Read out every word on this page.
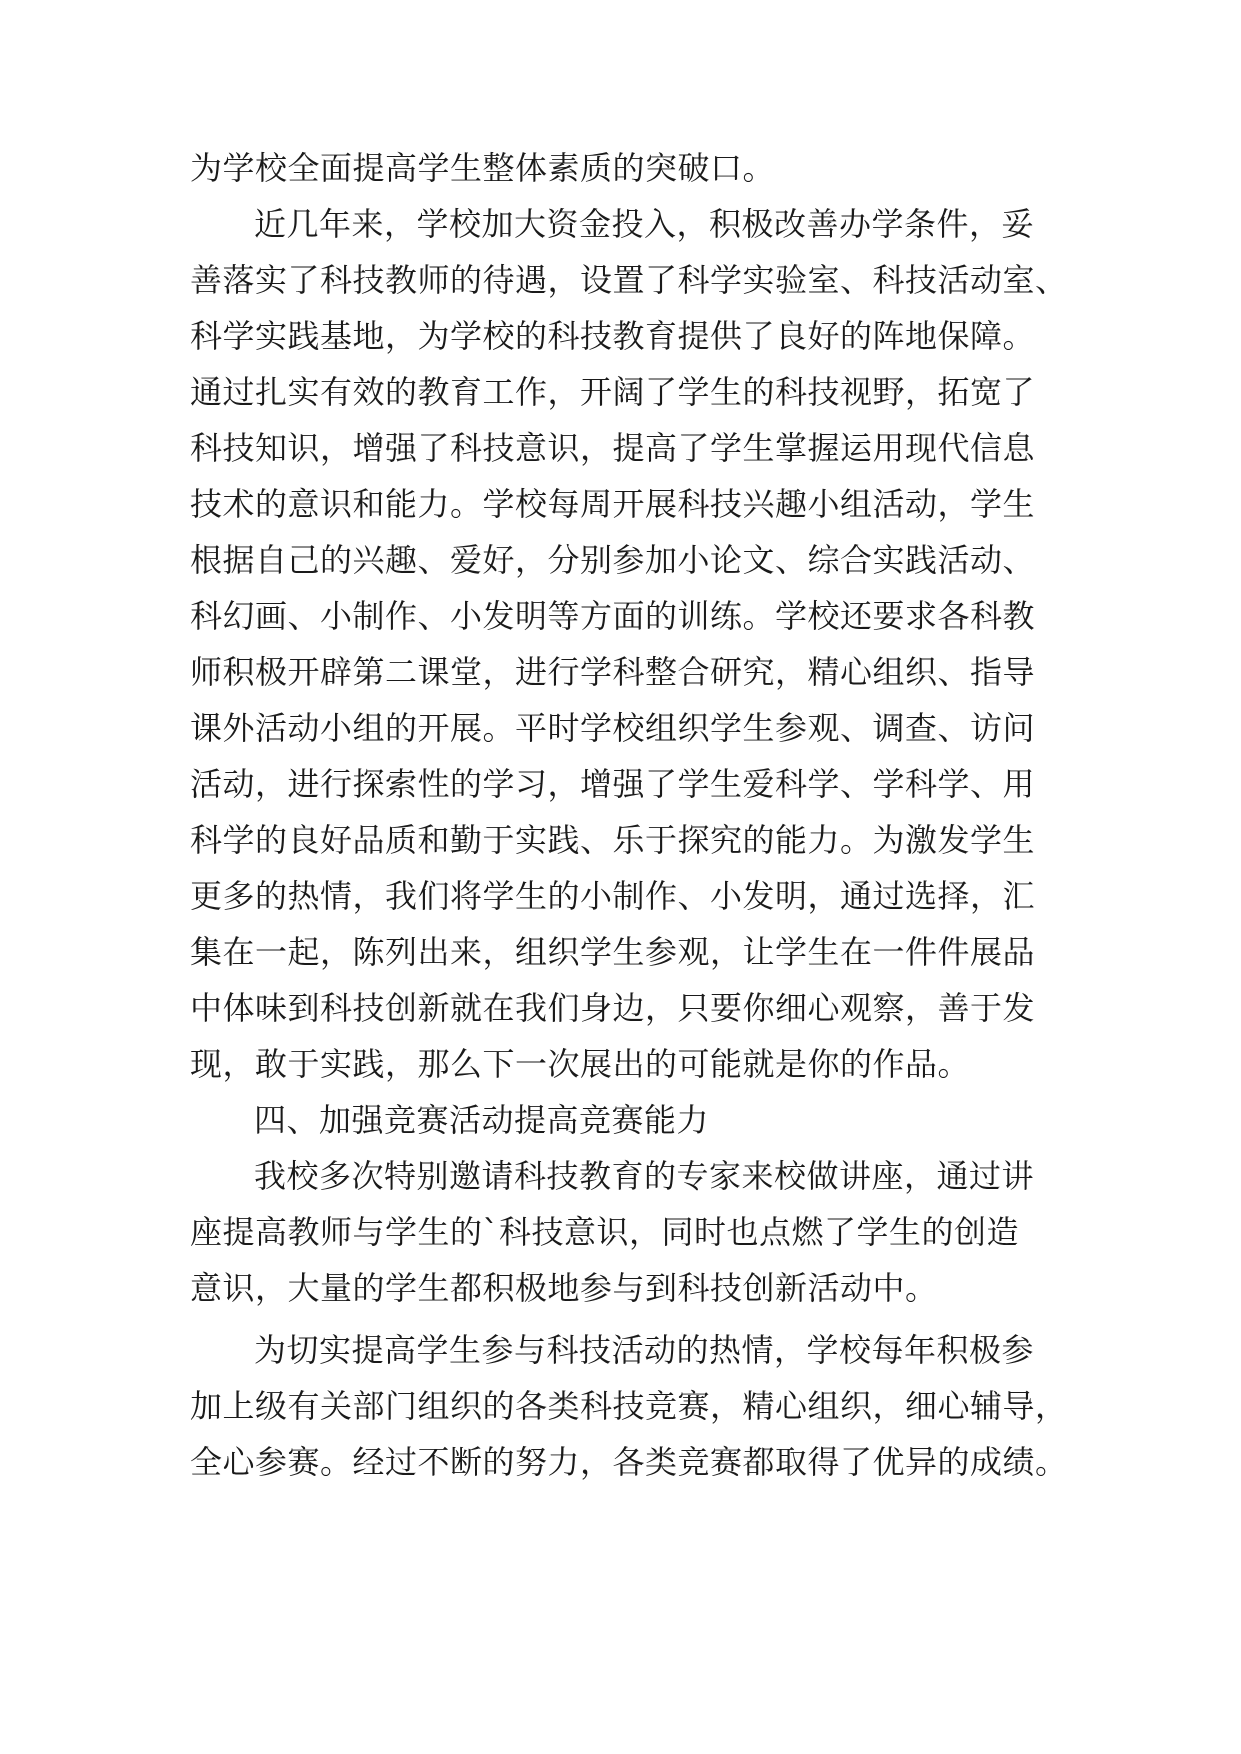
为学校全面提高学生整体素质的突破口。
近几年来，学校加大资金投入，积极改善办学条件，妥
善落实了科技教师的待遇，设置了科学实验室、科技活动室、
科学实践基地，为学校的科技教育提供了良好的阵地保障。
通过扎实有效的教育工作，开阔了学生的科技视野，拓宽了
科技知识，增强了科技意识，提高了学生掌握运用现代信息
技术的意识和能力。学校每周开展科技兴趣小组活动，学生
根据自己的兴趣、爱好，分别参加小论文、综合实践活动、
科幻画、小制作、小发明等方面的训练。学校还要求各科教
师积极开辟第二课堂，进行学科整合研究，精心组织、指导
课外活动小组的开展。平时学校组织学生参观、调查、访问
活动，进行探索性的学习，增强了学生爱科学、学科学、用
科学的良好品质和勤于实践、乐于探究的能力。为激发学生
更多的热情，我们将学生的小制作、小发明，通过选择，汇
集在一起，陈列出来，组织学生参观，让学生在一件件展品
中体味到科技创新就在我们身边，只要你细心观察，善于发
现，敢于实践，那么下一次展出的可能就是你的作品。
四、加强竞赛活动提高竞赛能力
我校多次特别邀请科技教育的专家来校做讲座，通过讲
座提高教师与学生的`科技意识，同时也点燃了学生的创造
意识，大量的学生都积极地参与到科技创新活动中。
为切实提高学生参与科技活动的热情，学校每年积极参
加上级有关部门组织的各类科技竞赛，精心组织，细心辅导，
全心参赛。经过不断的努力，各类竞赛都取得了优异的成绩。
